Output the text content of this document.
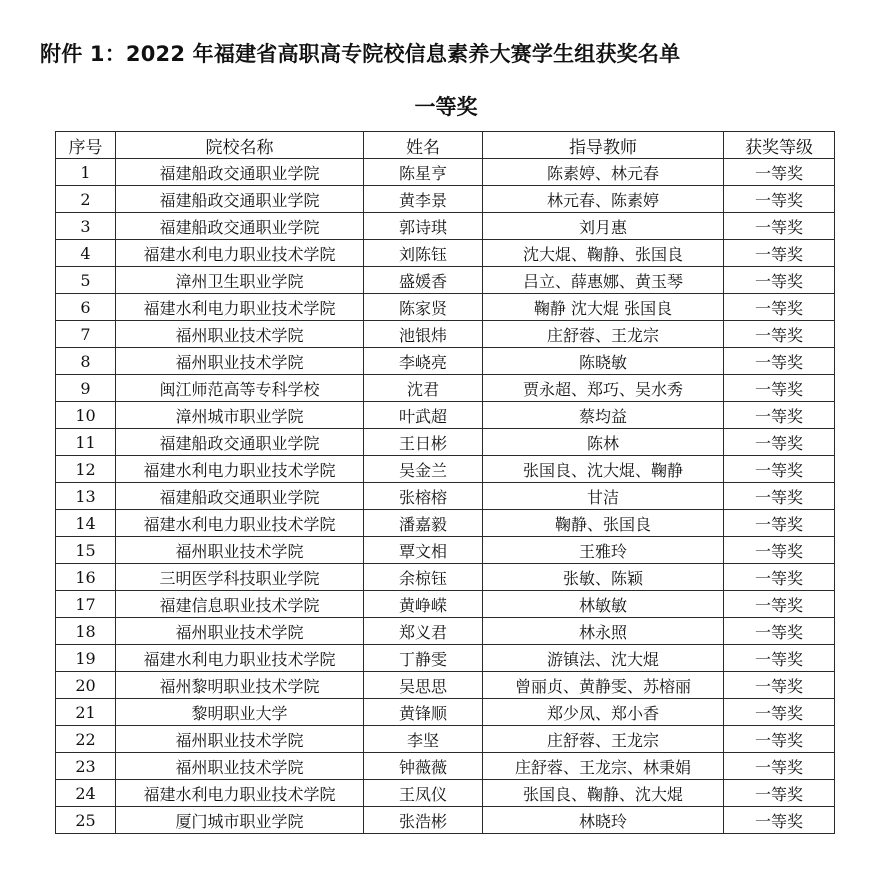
附件 1：2022 年福建省高职高专院校信息素养大赛学生组获奖名单
一等奖
序号	院校名称	姓名	指导教师	获奖等级
1	福建船政交通职业学院	陈星亨	陈素婷、林元春	一等奖
2	福建船政交通职业学院	黄李景	林元春、陈素婷	一等奖
3	福建船政交通职业学院	郭诗琪	刘月惠	一等奖
4	福建水利电力职业技术学院	刘陈钰	沈大焜、鞠静、张国良	一等奖
5	漳州卫生职业学院	盛媛香	吕立、薛惠娜、黄玉琴	一等奖
6	福建水利电力职业技术学院	陈家贤	鞠静 沈大焜 张国良	一等奖
7	福州职业技术学院	池银炜	庄舒蓉、王龙宗	一等奖
8	福州职业技术学院	李峣亮	陈晓敏	一等奖
9	闽江师范高等专科学校	沈君	贾永超、郑巧、吴水秀	一等奖
10	漳州城市职业学院	叶武超	蔡均益	一等奖
11	福建船政交通职业学院	王日彬	陈林	一等奖
12	福建水利电力职业技术学院	吴金兰	张国良、沈大焜、鞠静	一等奖
13	福建船政交通职业学院	张榕榕	甘洁	一等奖
14	福建水利电力职业技术学院	潘嘉毅	鞠静、张国良	一等奖
15	福州职业技术学院	覃文相	王雅玲	一等奖
16	三明医学科技职业学院	余椋钰	张敏、陈颖	一等奖
17	福建信息职业技术学院	黄峥嵘	林敏敏	一等奖
18	福州职业技术学院	郑义君	林永照	一等奖
19	福建水利电力职业技术学院	丁静雯	游镇法、沈大焜	一等奖
20	福州黎明职业技术学院	吴思思	曾丽贞、黄静雯、苏榕丽	一等奖
21	黎明职业大学	黄锋顺	郑少凤、郑小香	一等奖
22	福州职业技术学院	李坚	庄舒蓉、王龙宗	一等奖
23	福州职业技术学院	钟薇薇	庄舒蓉、王龙宗、林秉娟	一等奖
24	福建水利电力职业技术学院	王凤仪	张国良、鞠静、沈大焜	一等奖
25	厦门城市职业学院	张浩彬	林晓玲	一等奖
